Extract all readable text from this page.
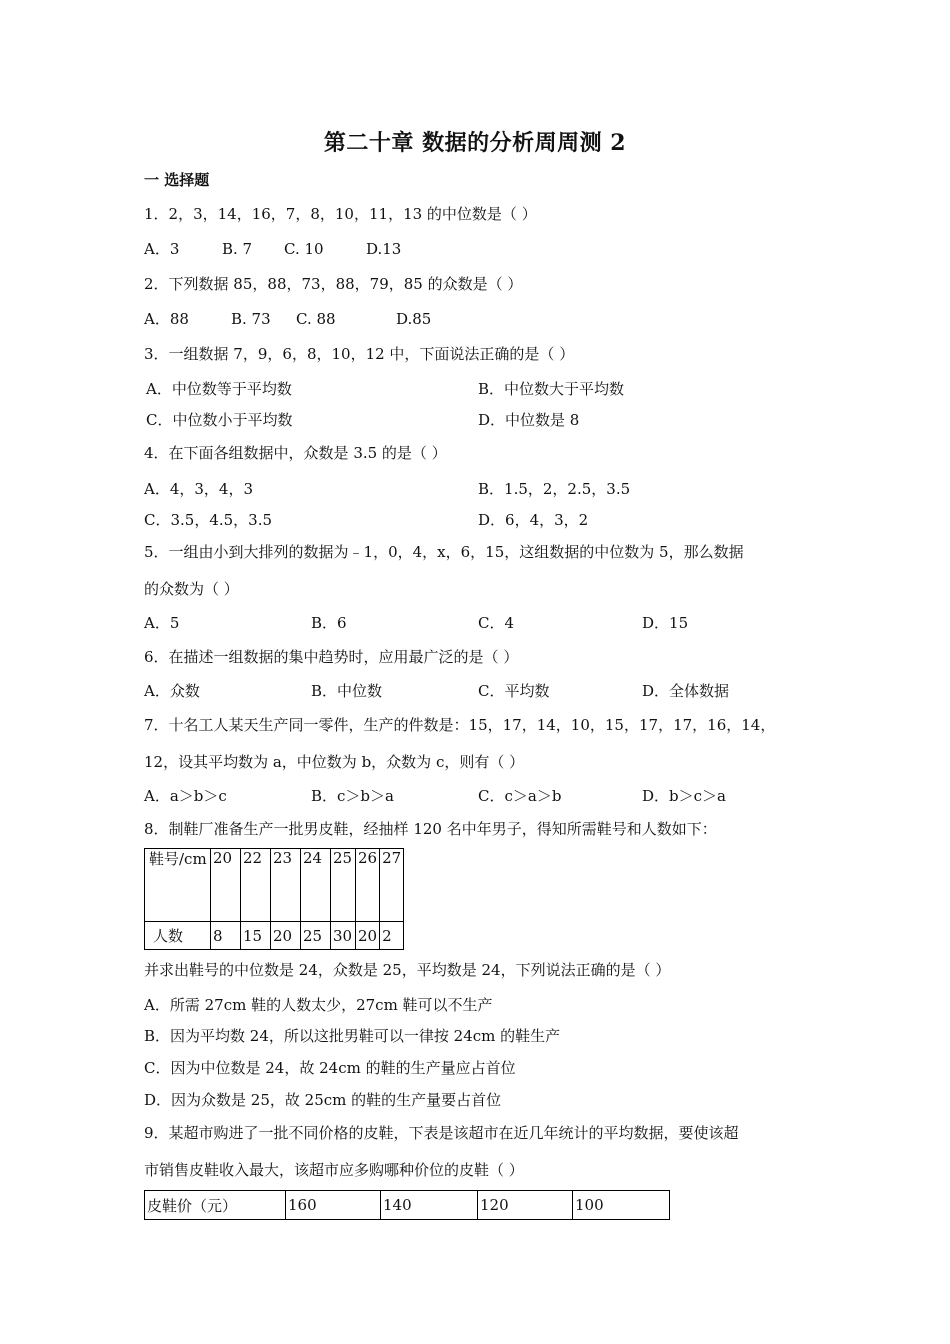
第二十章 数据的分析周周测 2
一 选择题
1．2，3，14，16，7，8，10，11，13 的中位数是（ ）
A．3	B. 7 C. 10	D.13
2．下列数据 85，88，73，88，79，85 的众数是（ ）
A．88	B. 73 C. 88	D.85
3．一组数据 7，9，6，8，10，12 中，下面说法正确的是（ ）
A．中位数等于平均数	B．中位数大于平均数
C．中位数小于平均数	D．中位数是 8
4．在下面各组数据中，众数是 3.5 的是（ ）
A．4，3，4，3	B．1.5，2，2.5，3.5
C．3.5，4.5，3.5	D．6，4，3，2
5．一组由小到大排列的数据为﹣1，0，4，x，6，15，这组数据的中位数为 5，那么数据
的众数为（ ）
A．5	B．6	C．4	D．15
6．在描述一组数据的集中趋势时，应用最广泛的是（ ）
A．众数	B．中位数	C．平均数	D．全体数据
7．十名工人某天生产同一零件，生产的件数是：15，17，14，10，15，17，17，16，14，
12，设其平均数为 a，中位数为 b，众数为 c，则有（ ）
A．a＞b＞c	B．c＞b＞a	C．c＞a＞b	D．b＞c＞a
8．制鞋厂准备生产一批男皮鞋，经抽样 120 名中年男子，得知所需鞋号和人数如下：
鞋号/cm	20	22	23	24	25	26	27
人数	8	15	20	25	30	20	2
并求出鞋号的中位数是 24，众数是 25，平均数是 24，下列说法正确的是（ ）
A．所需 27cm 鞋的人数太少，27cm 鞋可以不生产
B．因为平均数 24，所以这批男鞋可以一律按 24cm 的鞋生产
C．因为中位数是 24，故 24cm 的鞋的生产量应占首位
D．因为众数是 25，故 25cm 的鞋的生产量要占首位
9．某超市购进了一批不同价格的皮鞋，下表是该超市在近几年统计的平均数据，要使该超
市销售皮鞋收入最大，该超市应多购哪种价位的皮鞋（ ）
皮鞋价（元）	160	140	120	100
